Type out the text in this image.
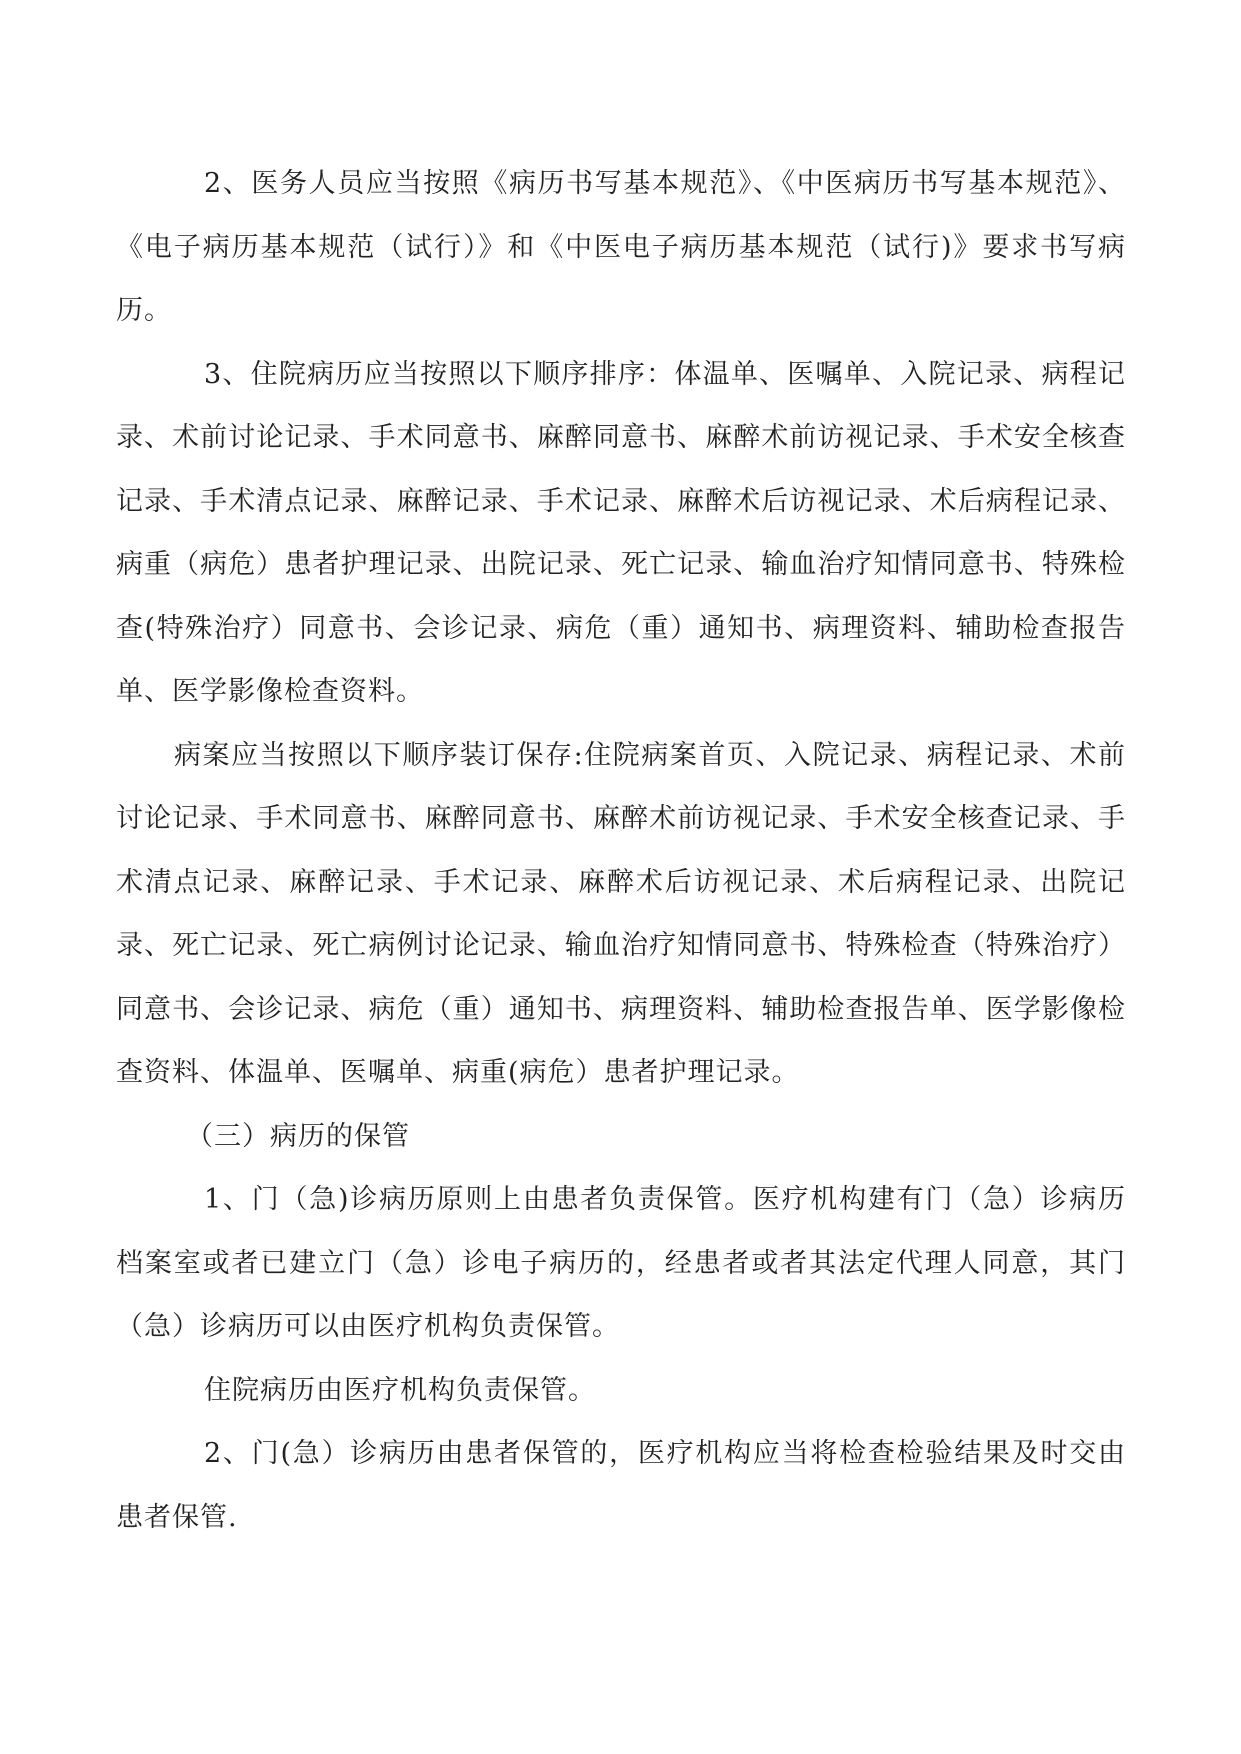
2、医务人员应当按照《病历书写基本规范》、《中医病历书写基本规范》、《电子病历基本规范（试行）》和《中医电子病历基本规范（试行)》要求书写病历。

3、住院病历应当按照以下顺序排序：体温单、医嘱单、入院记录、病程记录、术前讨论记录、手术同意书、麻醉同意书、麻醉术前访视记录、手术安全核查记录、手术清点记录、麻醉记录、手术记录、麻醉术后访视记录、术后病程记录、病重（病危）患者护理记录、出院记录、死亡记录、输血治疗知情同意书、特殊检查(特殊治疗）同意书、会诊记录、病危（重）通知书、病理资料、辅助检查报告单、医学影像检查资料。

病案应当按照以下顺序装订保存:住院病案首页、入院记录、病程记录、术前讨论记录、手术同意书、麻醉同意书、麻醉术前访视记录、手术安全核查记录、手术清点记录、麻醉记录、手术记录、麻醉术后访视记录、术后病程记录、出院记录、死亡记录、死亡病例讨论记录、输血治疗知情同意书、特殊检查（特殊治疗）同意书、会诊记录、病危（重）通知书、病理资料、辅助检查报告单、医学影像检查资料、体温单、医嘱单、病重(病危）患者护理记录。

（三）病历的保管

1、门（急)诊病历原则上由患者负责保管。医疗机构建有门（急）诊病历档案室或者已建立门（急）诊电子病历的，经患者或者其法定代理人同意，其门（急）诊病历可以由医疗机构负责保管。

住院病历由医疗机构负责保管。

2、门(急）诊病历由患者保管的，医疗机构应当将检查检验结果及时交由患者保管.
